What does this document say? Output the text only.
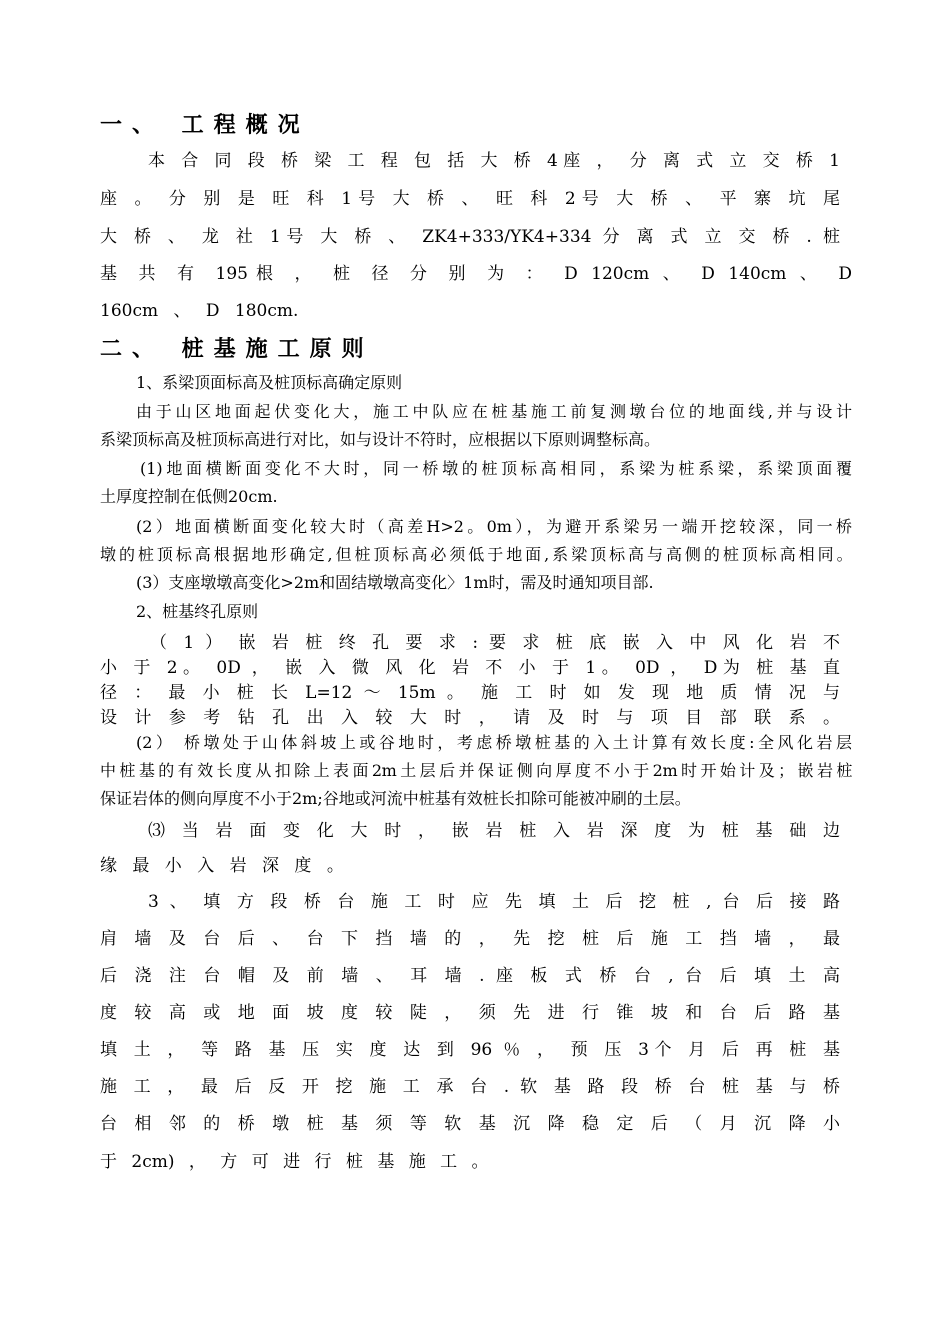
一、 工程概况
本 合 同 段 桥 梁 工 程 包 括 大 桥 4座 ， 分 离 式 立 交 桥 1
座 。 分 别 是 旺 科 1号 大 桥 、 旺 科 2号 大 桥 、 平 寨 坑 尾
大 桥 、 龙 社 1号 大 桥 、 ZK4+333/YK4+334 分 离 式 立 交 桥 . 桩
基 共 有 195根 ， 桩 径 分 别 为 ： D 120cm 、 D 140cm 、 D
160cm 、 D 180cm.
二、 桩基施工原则
1、系梁顶面标高及桩顶标高确定原则
由于山区地面起伏变化大，施工中队应在桩基施工前复测墩台位的地面线,并与设计
系梁顶标高及桩顶标高进行对比，如与设计不符时，应根据以下原则调整标高。
(1)地面横断面变化不大时，同一桥墩的桩顶标高相同，系梁为桩系梁，系梁顶面覆
土厚度控制在低侧20cm.
(2）地面横断面变化较大时（高差H>2。0m），为避开系梁另一端开挖较深，同一桥
墩的桩顶标高根据地形确定,但桩顶标高必须低于地面,系梁顶标高与高侧的桩顶标高相同。
(3）支座墩墩高变化>2m和固结墩墩高变化〉1m时，需及时通知项目部.
2、桩基终孔原则
（ 1 ） 嵌 岩 桩 终 孔 要 求 : 要 求 桩 底 嵌 入 中 风 化 岩 不
小 于 2。 0D ， 嵌 入 微 风 化 岩 不 小 于 1。 0D ， D为 桩 基 直
径 ： 最 小 桩 长 L=12 ～ 15m 。 施 工 时 如 发 现 地 质 情 况 与
设 计 参 考 钻 孔 出 入 较 大 时 ， 请 及 时 与 项 目 部 联 系 。
(2） 桥墩处于山体斜坡上或谷地时，考虑桥墩桩基的入土计算有效长度:全风化岩层
中桩基的有效长度从扣除上表面2m土层后并保证侧向厚度不小于2m时开始计及；嵌岩桩
保证岩体的侧向厚度不小于2m;谷地或河流中桩基有效桩长扣除可能被冲刷的土层。
⑶ 当 岩 面 变 化 大 时 ， 嵌 岩 桩 入 岩 深 度 为 桩 基 础 边
缘 最 小 入 岩 深 度 。
3 、 填 方 段 桥 台 施 工 时 应 先 填 土 后 挖 桩 , 台 后 接 路
肩 墙 及 台 后 、 台 下 挡 墙 的 ， 先 挖 桩 后 施 工 挡 墙 ， 最
后 浇 注 台 帽 及 前 墙 、 耳 墙 . 座 板 式 桥 台 , 台 后 填 土 高
度 较 高 或 地 面 坡 度 较 陡 ， 须 先 进 行 锥 坡 和 台 后 路 基
填 土 ， 等 路 基 压 实 度 达 到 96 ％ ， 预 压 3个 月 后 再 桩 基
施 工 ， 最 后 反 开 挖 施 工 承 台 . 软 基 路 段 桥 台 桩 基 与 桥
台 相 邻 的 桥 墩 桩 基 须 等 软 基 沉 降 稳 定 后 （ 月 沉 降 小
于 2cm) ， 方 可 进 行 桩 基 施 工 。
